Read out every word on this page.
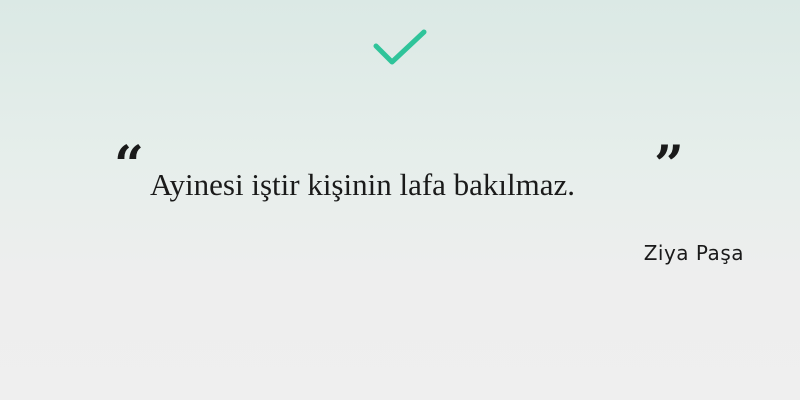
“	”
Ayinesi iştir kişinin lafa bakılmaz.
Ziya Paşa
